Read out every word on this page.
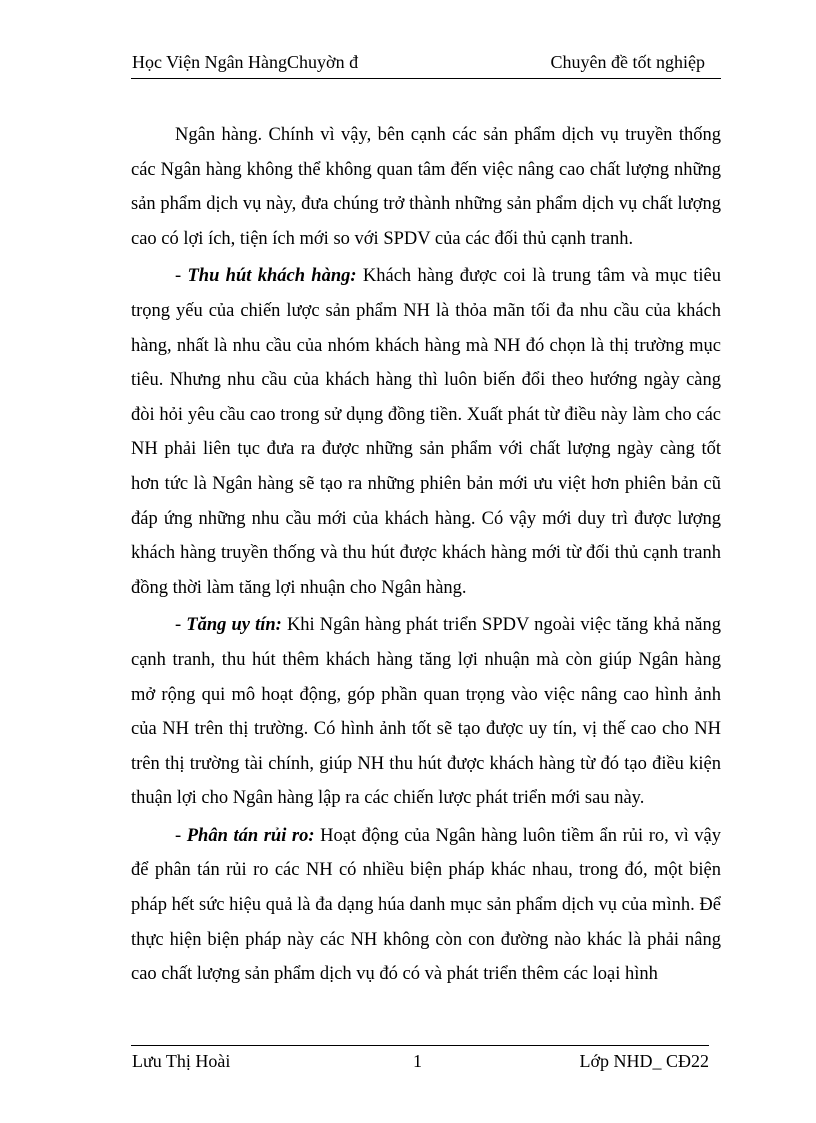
Học Viện Ngân HàngChuyờn đ	Chuyên đề tốt nghiệp

Ngân hàng. Chính vì vậy, bên cạnh các sản phẩm dịch vụ truyền thống các Ngân hàng không thể không quan tâm đến việc nâng cao chất lượng những sản phẩm dịch vụ này, đưa chúng trở thành những sản phẩm dịch vụ chất lượng cao có lợi ích, tiện ích mới so với SPDV của các đối thủ cạnh tranh.

- Thu hút khách hàng: Khách hàng được coi là trung tâm và mục tiêu trọng yếu của chiến lược sản phẩm NH là thỏa mãn tối đa nhu cầu của khách hàng, nhất là nhu cầu của nhóm khách hàng mà NH đó chọn là thị trường mục tiêu. Nhưng nhu cầu của khách hàng thì luôn biến đổi theo hướng ngày càng đòi hỏi yêu cầu cao trong sử dụng đồng tiền. Xuất phát từ điều này làm cho các NH phải liên tục đưa ra được những sản phẩm với chất lượng ngày càng tốt hơn tức là Ngân hàng sẽ tạo ra những phiên bản mới ưu việt hơn phiên bản cũ đáp ứng những nhu cầu mới của khách hàng. Có vậy mới duy trì được lượng khách hàng truyền thống và thu hút được khách hàng mới từ đối thủ cạnh tranh đồng thời làm tăng lợi nhuận cho Ngân hàng.

- Tăng uy tín: Khi Ngân hàng phát triển SPDV ngoài việc tăng khả năng cạnh tranh, thu hút thêm khách hàng tăng lợi nhuận mà còn giúp Ngân hàng mở rộng qui mô hoạt động, góp phần quan trọng vào việc nâng cao hình ảnh của NH trên thị trường. Có hình ảnh tốt sẽ tạo được uy tín, vị thế cao cho NH trên thị trường tài chính, giúp NH thu hút được khách hàng từ đó tạo điều kiện thuận lợi cho Ngân hàng lập ra các chiến lược phát triển mới sau này.

- Phân tán rủi ro: Hoạt động của Ngân hàng luôn tiềm ẩn rủi ro, vì vậy để phân tán rủi ro các NH có nhiều biện pháp khác nhau, trong đó, một biện pháp hết sức hiệu quả là đa dạng húa danh mục sản phẩm dịch vụ của mình. Để thực hiện biện pháp này các NH không còn con đường nào khác là phải nâng cao chất lượng sản phẩm dịch vụ đó có và phát triển thêm các loại hình

Lưu Thị Hoài	1	Lớp NHD_ CĐ22
